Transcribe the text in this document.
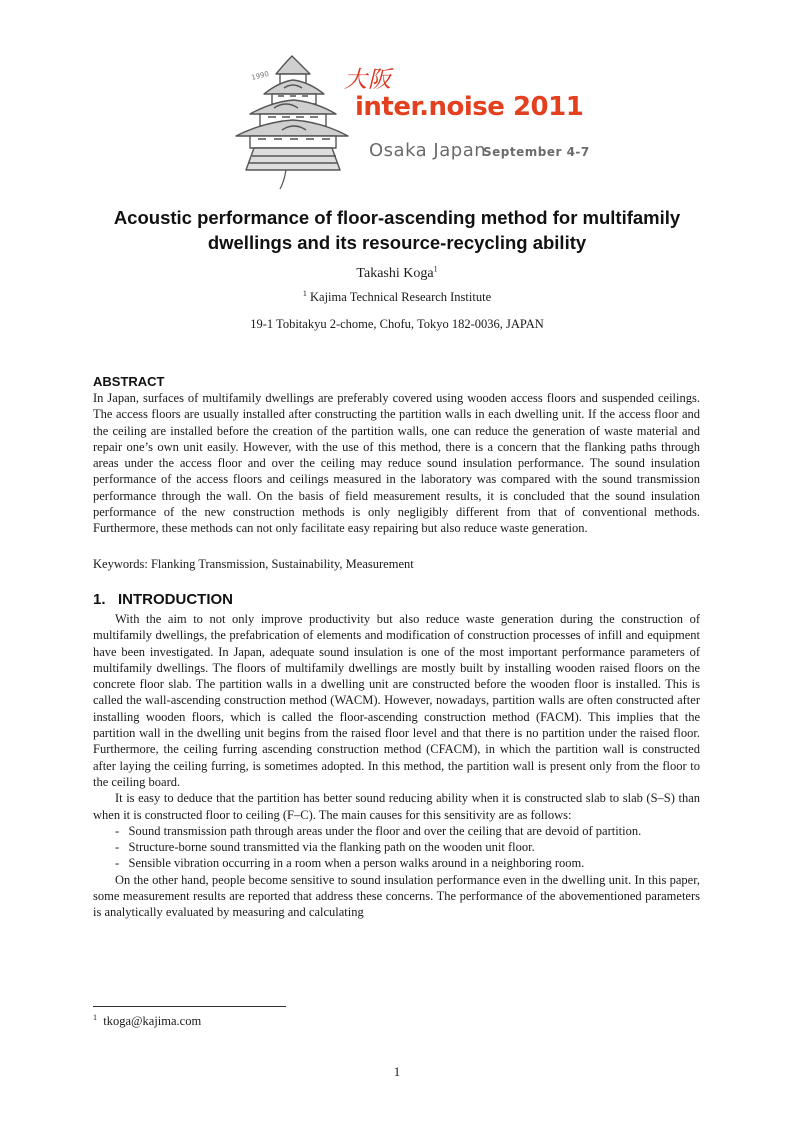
1990	大阪
inter.noise 2011
Osaka Japan
September 4-7
Acoustic performance of floor-ascending method for multifamily dwellings and its resource-recycling ability
Takashi Koga$^1$
$^1$ Kajima Technical Research Institute
19-1 Tobitakyu 2-chome, Chofu, Tokyo 182-0036, JAPAN
ABSTRACT
In Japan, surfaces of multifamily dwellings are preferably covered using wooden access floors and suspended ceilings. The access floors are usually installed after constructing the partition walls in each dwelling unit. If the access floor and the ceiling are installed before the creation of the partition walls, one can reduce the generation of waste material and repair one’s own unit easily. However, with the use of this method, there is a concern that the flanking paths through areas under the access floor and over the ceiling may reduce sound insulation performance. The sound insulation performance of the access floors and ceilings measured in the laboratory was compared with the sound transmission performance through the wall. On the basis of field measurement results, it is concluded that the sound insulation performance of the new construction methods is only negligibly different from that of conventional methods. Furthermore, these methods can not only facilitate easy repairing but also reduce waste generation.
Keywords: Flanking Transmission, Sustainability, Measurement
1.   INTRODUCTION

With the aim to not only improve productivity but also reduce waste generation during the construction of multifamily dwellings, the prefabrication of elements and modification of construction processes of infill and equipment have been investigated. In Japan, adequate sound insulation is one of the most important performance parameters of multifamily dwellings. The floors of multifamily dwellings are mostly built by installing wooden raised floors on the concrete floor slab. The partition walls in a dwelling unit are constructed before the wooden floor is installed. This is called the wall-ascending construction method (WACM). However, nowadays, partition walls are often constructed after installing wooden floors, which is called the floor-ascending construction method (FACM). This implies that the partition wall in the dwelling unit begins from the raised floor level and that there is no partition under the raised floor. Furthermore, the ceiling furring ascending construction method (CFACM), in which the partition wall is constructed after laying the ceiling furring, is sometimes adopted. In this method, the partition wall is present only from the floor to the ceiling board.

It is easy to deduce that the partition has better sound reducing ability when it is constructed slab to slab (S–S) than when it is constructed floor to ceiling (F–C). The main causes for this sensitivity are as follows:

-   Sound transmission path through areas under the floor and over the ceiling that are devoid of partition.

-   Structure-borne sound transmitted via the flanking path on the wooden unit floor.

-   Sensible vibration occurring in a room when a person walks around in a neighboring room.

On the other hand, people become sensitive to sound insulation performance even in the dwelling unit. In this paper, some measurement results are reported that address these concerns. The performance of the abovementioned parameters is analytically evaluated by measuring and calculating

$^1$ tkoga@kajima.com
1
